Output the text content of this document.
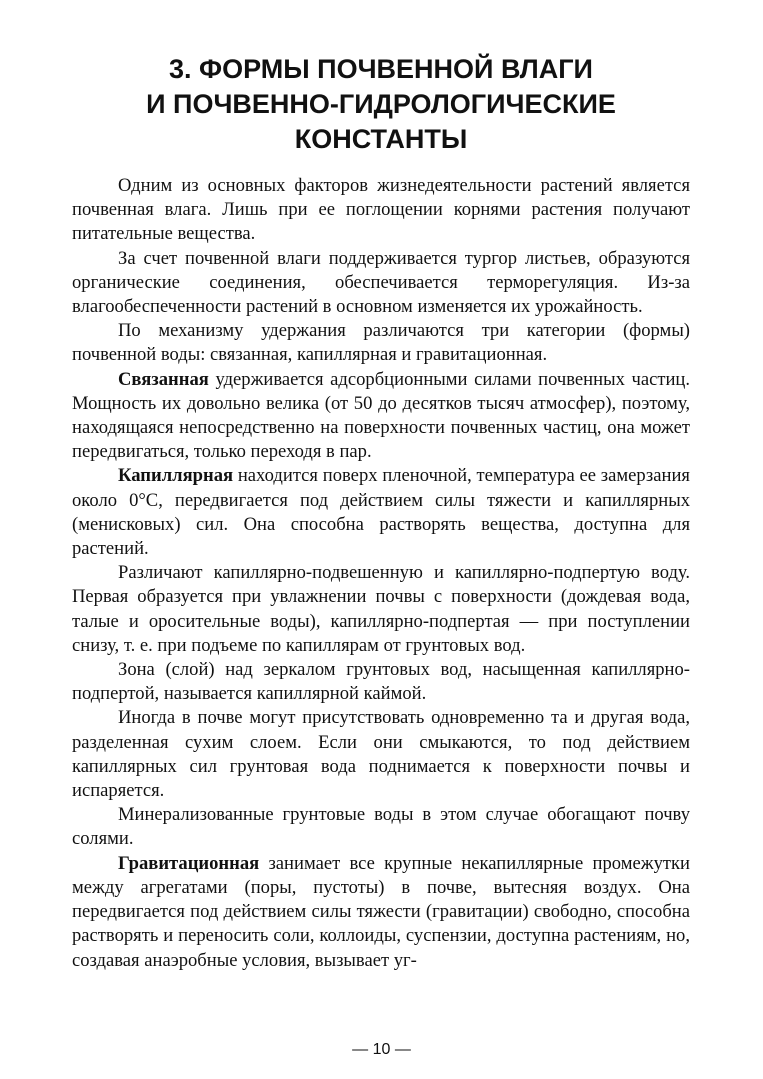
3. ФОРМЫ ПОЧВЕННОЙ ВЛАГИ
И ПОЧВЕННО-ГИДРОЛОГИЧЕСКИЕ
КОНСТАНТЫ

Одним из основных факторов жизнедеятельности растений является почвенная влага. Лишь при ее поглощении корнями растения получают питательные вещества.

За счет почвенной влаги поддерживается тургор листьев, образуются органические соединения, обеспечивается терморегуляция. Из-за влагообеспеченности растений в основном изменяется их урожайность.

По механизму удержания различаются три категории (формы) почвенной воды: связанная, капиллярная и гравитационная.

Связанная удерживается адсорбционными силами почвенных частиц. Мощность их довольно велика (от 50 до десятков тысяч атмосфер), поэтому, находящаяся непосредственно на поверхности почвенных частиц, она может передвигаться, только переходя в пар.

Капиллярная находится поверх пленочной, температура ее замерзания около 0°C, передвигается под действием силы тяжести и капиллярных (менисковых) сил. Она способна растворять вещества, доступна для растений.

Различают капиллярно-подвешенную и капиллярно-подпертую воду. Первая образуется при увлажнении почвы с поверхности (дождевая вода, талые и оросительные воды), капиллярно-подпертая — при поступлении снизу, т. е. при подъеме по капиллярам от грунтовых вод.

Зона (слой) над зеркалом грунтовых вод, насыщенная капиллярно-подпертой, называется капиллярной каймой.

Иногда в почве могут присутствовать одновременно та и другая вода, разделенная сухим слоем. Если они смыкаются, то под действием капиллярных сил грунтовая вода поднимается к поверхности почвы и испаряется.

Минерализованные грунтовые воды в этом случае обогащают почву солями.

Гравитационная занимает все крупные некапиллярные промежутки между агрегатами (поры, пустоты) в почве, вытесняя воздух. Она передвигается под действием силы тяжести (гравитации) свободно, способна растворять и переносить соли, коллоиды, суспензии, доступна растениям, но, создавая анаэробные условия, вызывает уг-

— 10 —
